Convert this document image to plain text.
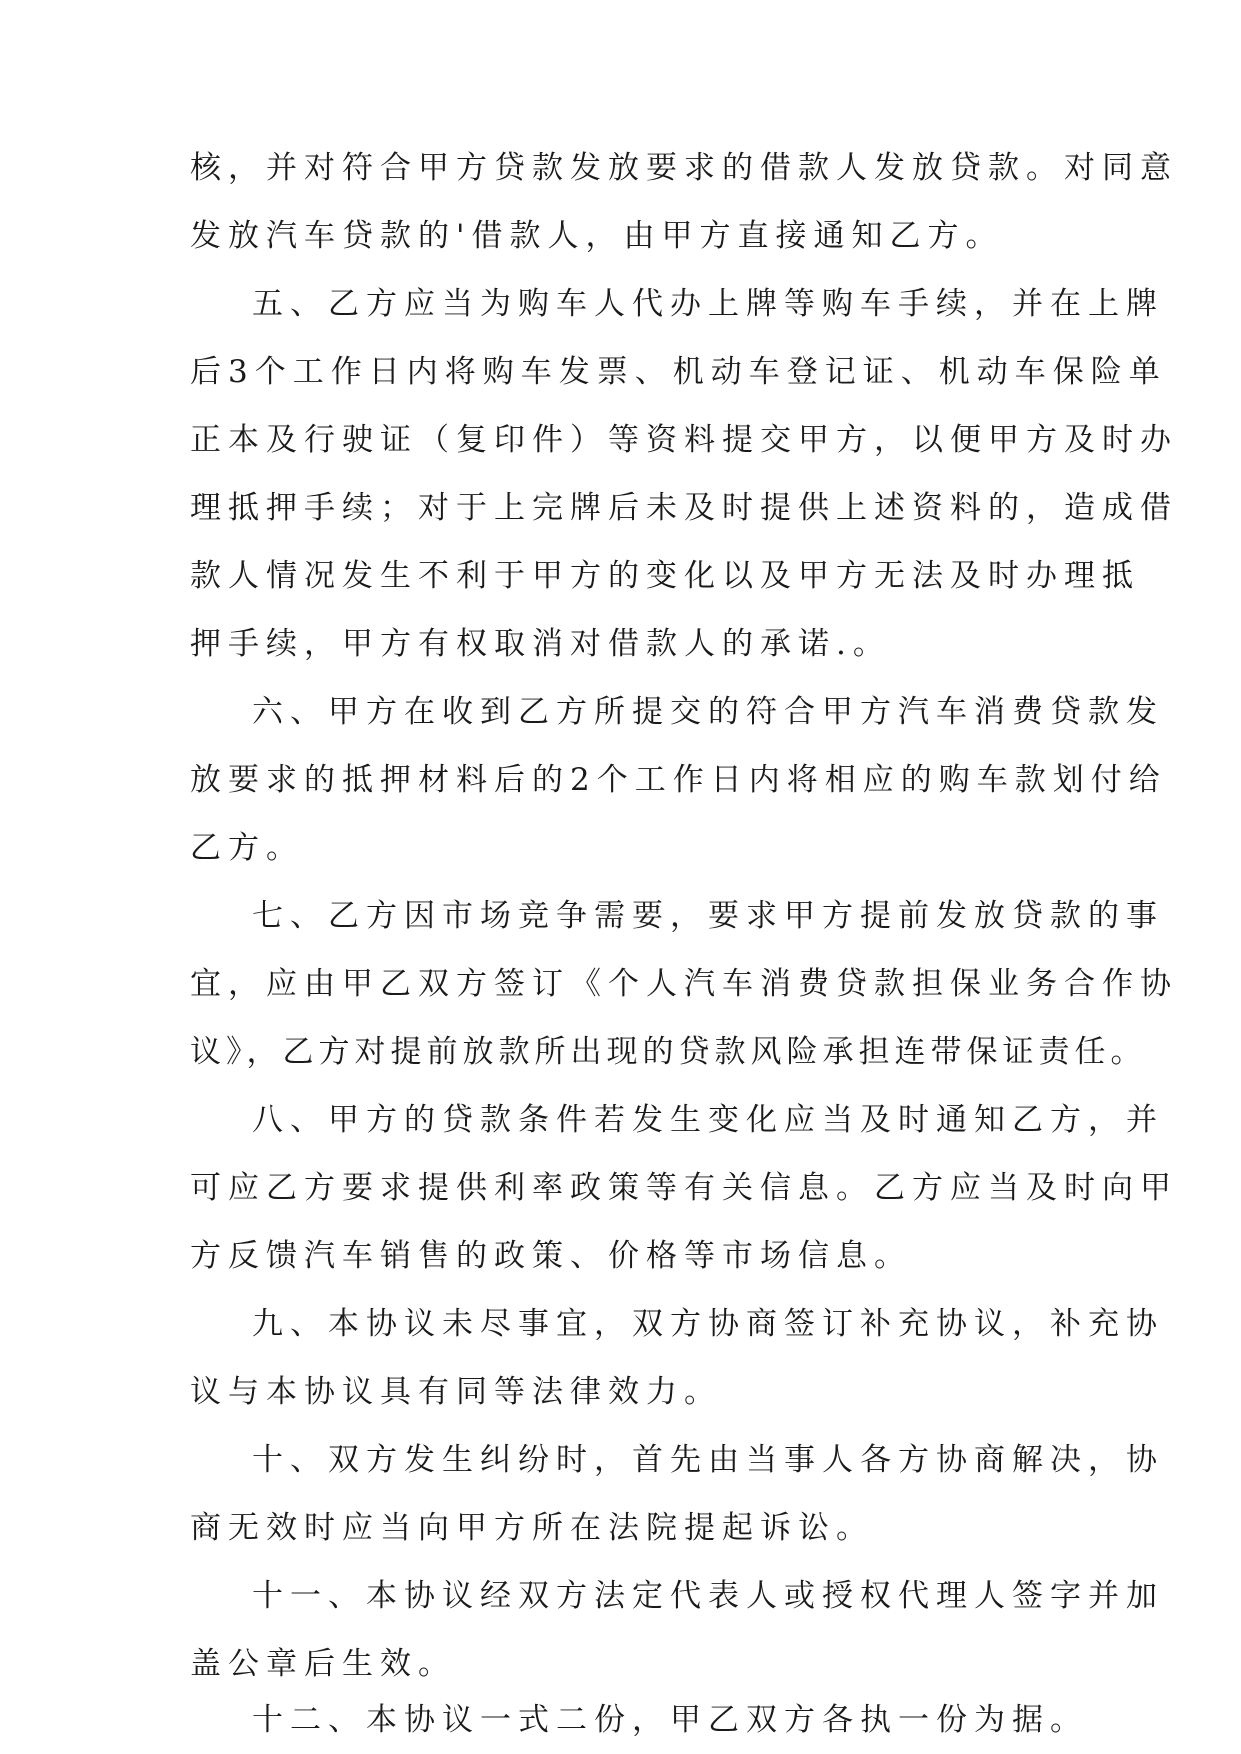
核，并对符合甲方贷款发放要求的借款人发放贷款。对同意

发放汽车贷款的'借款人，由甲方直接通知乙方。

五、乙方应当为购车人代办上牌等购车手续，并在上牌

后3个工作日内将购车发票、机动车登记证、机动车保险单

正本及行驶证（复印件）等资料提交甲方，以便甲方及时办

理抵押手续；对于上完牌后未及时提供上述资料的，造成借

款人情况发生不利于甲方的变化以及甲方无法及时办理抵

押手续，甲方有权取消对借款人的承诺.。

六、甲方在收到乙方所提交的符合甲方汽车消费贷款发

放要求的抵押材料后的2个工作日内将相应的购车款划付给

乙方。

七、乙方因市场竞争需要，要求甲方提前发放贷款的事

宜，应由甲乙双方签订《个人汽车消费贷款担保业务合作协

议》，乙方对提前放款所出现的贷款风险承担连带保证责任。

八、甲方的贷款条件若发生变化应当及时通知乙方，并

可应乙方要求提供利率政策等有关信息。乙方应当及时向甲

方反馈汽车销售的政策、价格等市场信息。

九、本协议未尽事宜，双方协商签订补充协议，补充协

议与本协议具有同等法律效力。

十、双方发生纠纷时，首先由当事人各方协商解决，协

商无效时应当向甲方所在法院提起诉讼。

十一、本协议经双方法定代表人或授权代理人签字并加

盖公章后生效。

十二、本协议一式二份，甲乙双方各执一份为据。
